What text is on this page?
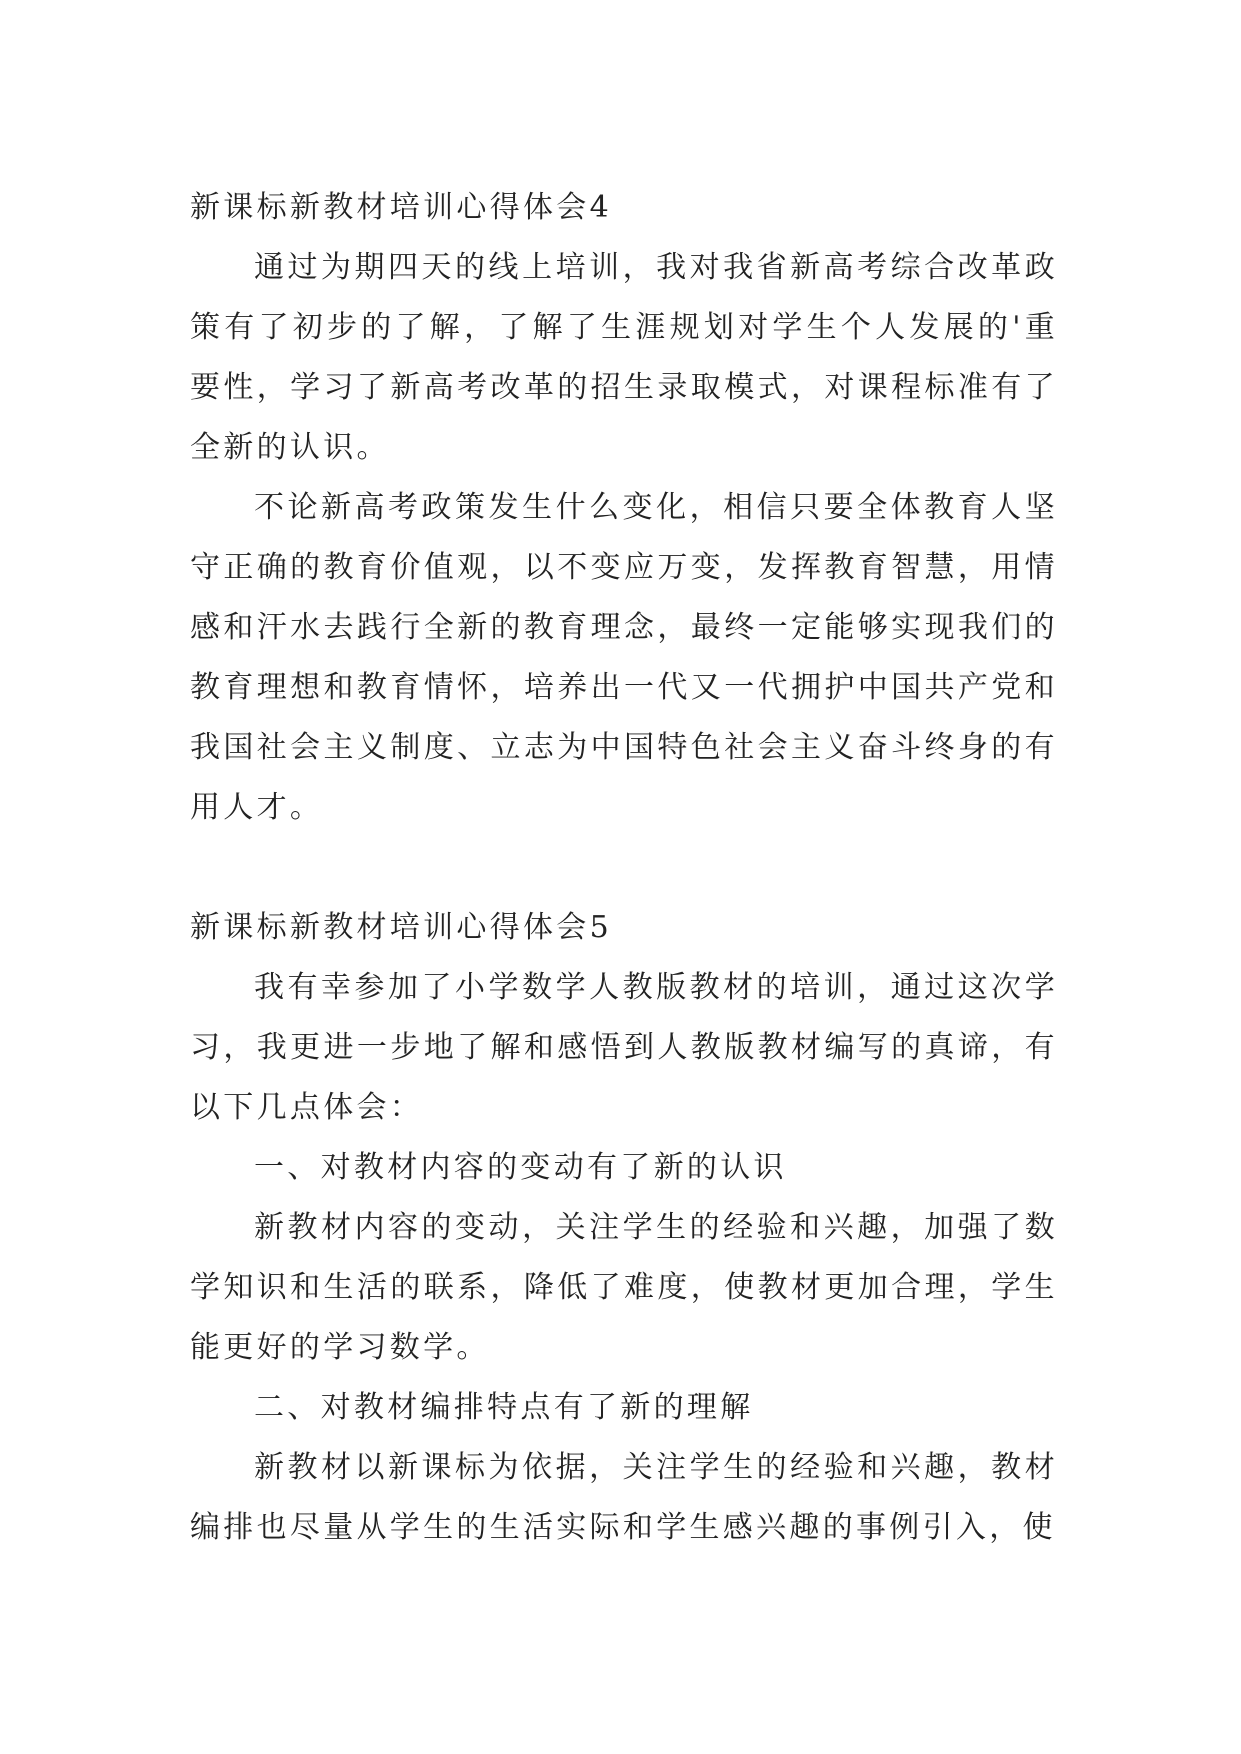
新课标新教材培训心得体会4

通过为期四天的线上培训，我对我省新高考综合改革政策有了初步的了解，了解了生涯规划对学生个人发展的'重要性，学习了新高考改革的招生录取模式，对课程标准有了全新的认识。

不论新高考政策发生什么变化，相信只要全体教育人坚守正确的教育价值观，以不变应万变，发挥教育智慧，用情感和汗水去践行全新的教育理念，最终一定能够实现我们的教育理想和教育情怀，培养出一代又一代拥护中国共产党和我国社会主义制度、立志为中国特色社会主义奋斗终身的有用人才。

新课标新教材培训心得体会5

我有幸参加了小学数学人教版教材的培训，通过这次学习，我更进一步地了解和感悟到人教版教材编写的真谛，有以下几点体会：

一、对教材内容的变动有了新的认识

新教材内容的变动，关注学生的经验和兴趣，加强了数学知识和生活的联系，降低了难度，使教材更加合理，学生能更好的学习数学。

二、对教材编排特点有了新的理解

新教材以新课标为依据，关注学生的经验和兴趣，教材编排也尽量从学生的生活实际和学生感兴趣的事例引入，使
